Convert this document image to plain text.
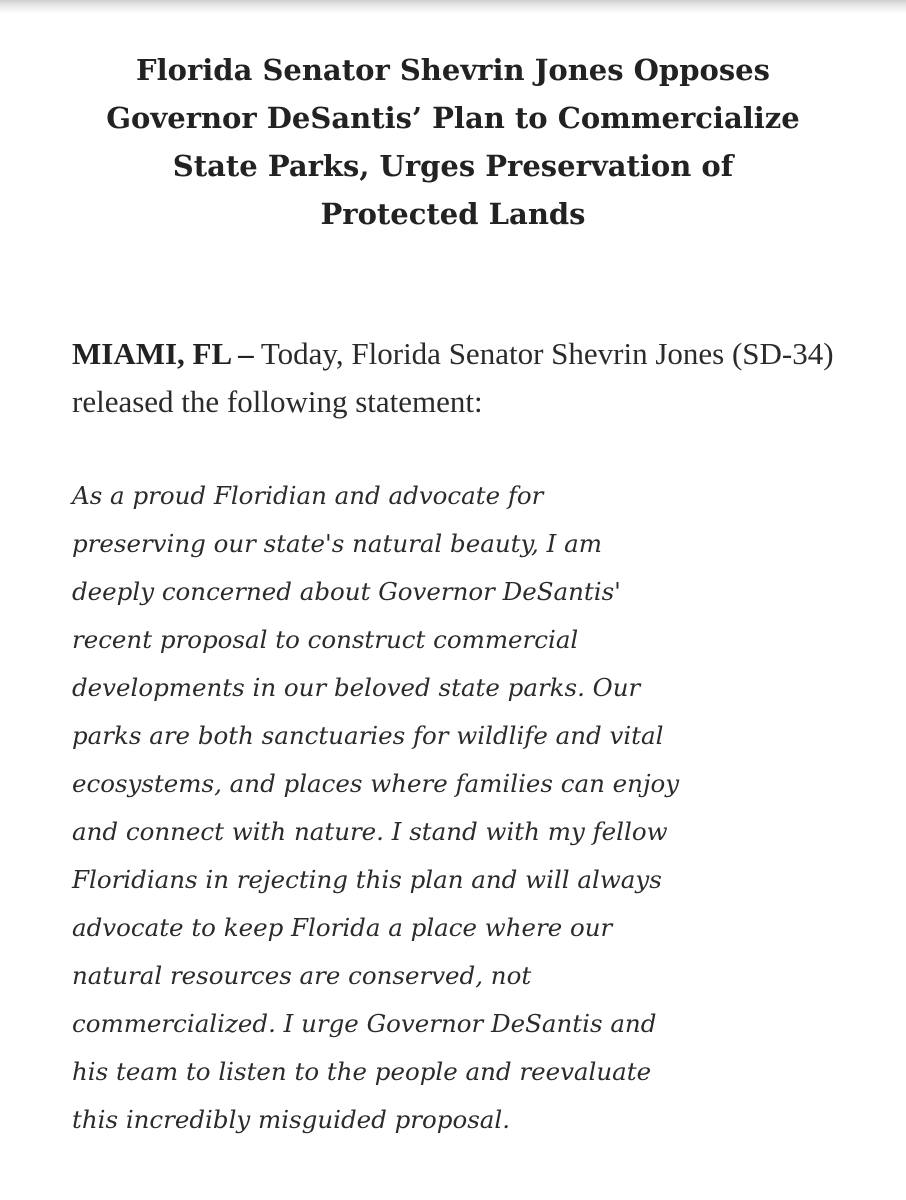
Florida Senator Shevrin Jones Opposes
Governor DeSantis’ Plan to Commercialize
State Parks, Urges Preservation of
Protected Lands

MIAMI, FL – Today, Florida Senator Shevrin Jones (SD-34) released the following statement:

As a proud Floridian and advocate for
preserving our state's natural beauty, I am
deeply concerned about Governor DeSantis'
recent proposal to construct commercial
developments in our beloved state parks. Our
parks are both sanctuaries for wildlife and vital
ecosystems, and places where families can enjoy
and connect with nature. I stand with my fellow
Floridians in rejecting this plan and will always
advocate to keep Florida a place where our
natural resources are conserved, not
commercialized. I urge Governor DeSantis and
his team to listen to the people and reevaluate
this incredibly misguided proposal.
